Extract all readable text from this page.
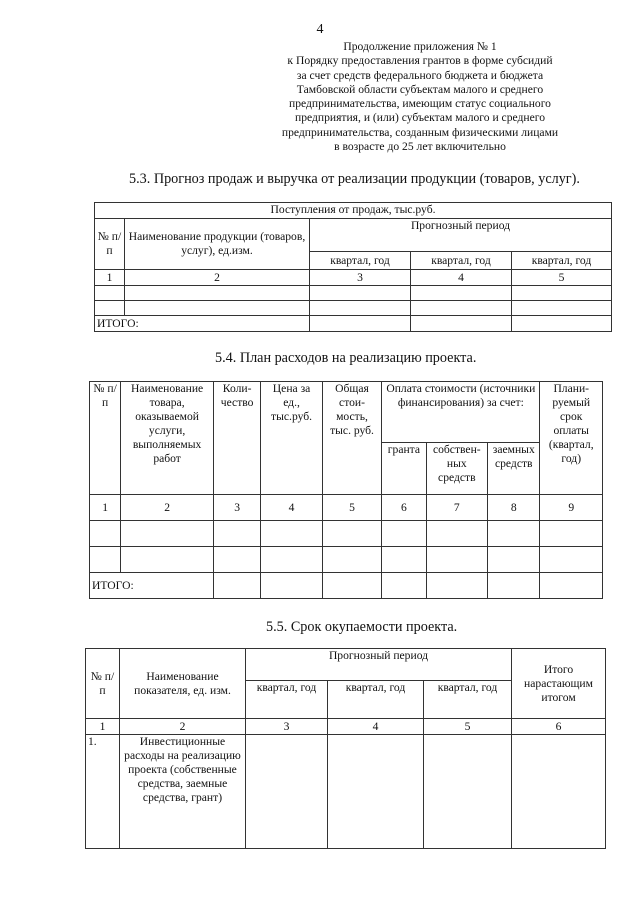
4
Продолжение приложения № 1
к Порядку предоставления грантов в форме субсидий
за счет средств федерального бюджета и бюджета
Тамбовской области субъектам малого и среднего
предпринимательства, имеющим статус социального
предприятия, и (или) субъектам малого и среднего
предпринимательства, созданным физическими лицами
в возрасте до 25 лет включительно
5.3. Прогноз продаж и выручка от реализации продукции (товаров, услуг).
Поступления от продаж, тыс.руб.				
№ п/п	Наименование продукции (товаров, услуг), ед.изм.	Прогнозный период		
		квартал, год	квартал, год	квартал, год
1	2	3	4	5

ИТОГО:				
5.4. План расходов на реализацию проекта.
№ п/п	Наименование товара, оказываемой услуги, выполняемых работ	Коли-чество	Цена за ед., тыс.руб.	Общая стои-мость, тыс. руб.	Оплата стоимости (источники финансирования) за счет:			Плани-руемый срок оплаты (квартал, год)
					гранта	собствен-ных средств	заемных средств	
1	2	3	4	5	6	7	8	9

ИТОГО:								
5.5. Срок окупаемости проекта.
№ п/п	Наименование показателя, ед. изм.	Прогнозный период			Итого нарастающим итогом
		квартал, год	квартал, год	квартал, год	
1	2	3	4	5	6
1.	Инвестиционные расходы на реализацию проекта (собственные средства, заемные средства, грант)				
